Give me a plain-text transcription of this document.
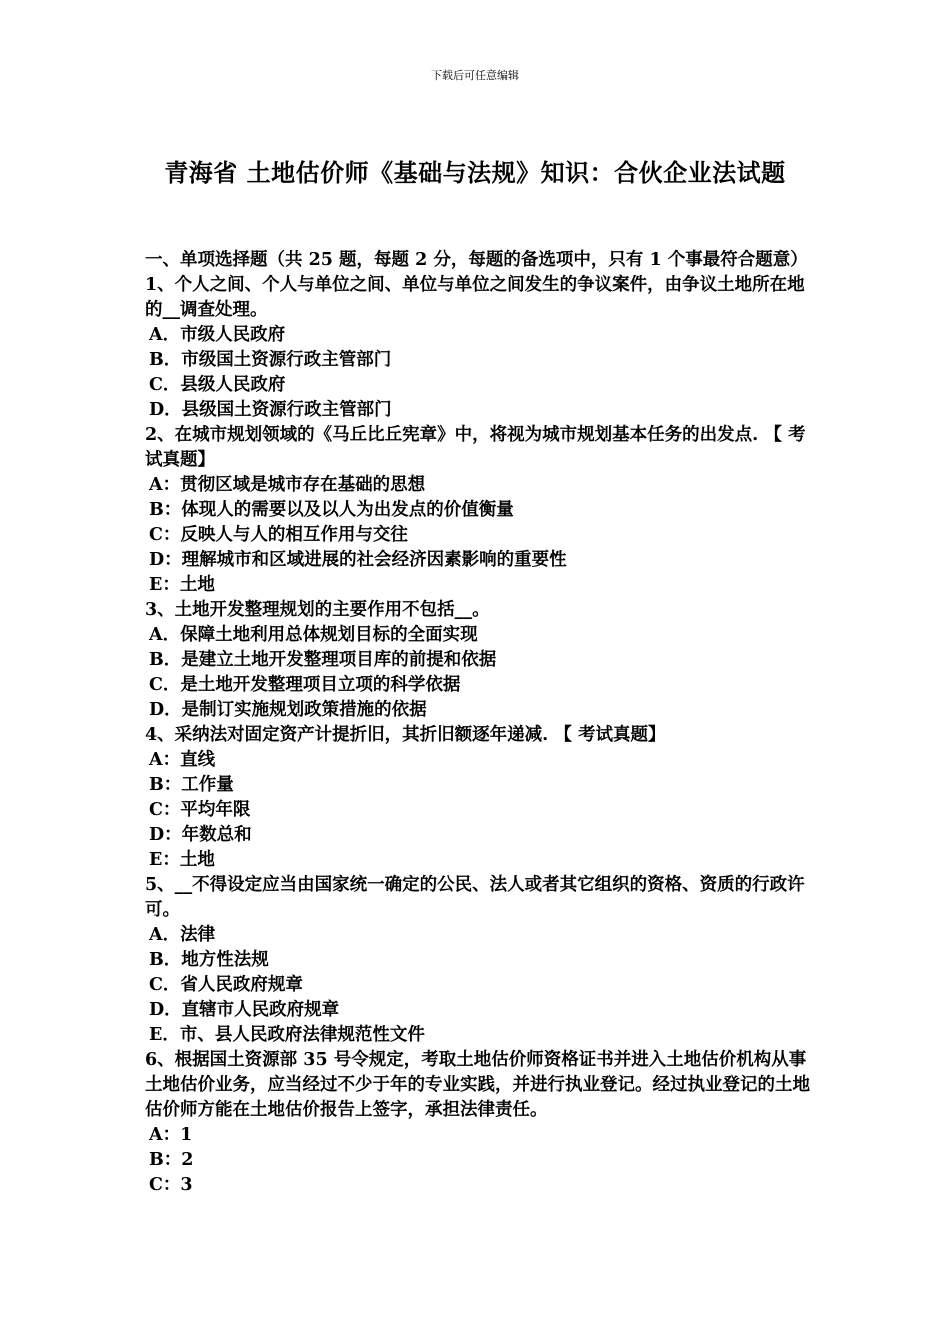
下载后可任意编辑
青海省 土地估价师《基础与法规》知识：合伙企业法试题

一、单项选择题（共 25 题，每题 2 分，每题的备选项中，只有 1 个事最符合题意）

1、个人之间、个人与单位之间、单位与单位之间发生的争议案件，由争议土地所在地的__调查处理。

A．市级人民政府

B．市级国土资源行政主管部门

C．县级人民政府

D．县级国土资源行政主管部门

2、在城市规划领域的《马丘比丘宪章》中，将视为城市规划基本任务的出发点. 【 考试真题】

A：贯彻区域是城市存在基础的思想

B：体现人的需要以及以人为出发点的价值衡量

C：反映人与人的相互作用与交往

D：理解城市和区域进展的社会经济因素影响的重要性

E：土地

3、土地开发整理规划的主要作用不包括__。

A．保障土地利用总体规划目标的全面实现

B．是建立土地开发整理项目库的前提和依据

C．是土地开发整理项目立项的科学依据

D．是制订实施规划政策措施的依据

4、采纳法对固定资产计提折旧，其折旧额逐年递减. 【 考试真题】

A：直线

B：工作量

C：平均年限

D：年数总和

E：土地

5、__不得设定应当由国家统一确定的公民、法人或者其它组织的资格、资质的行政许可。

A．法律

B．地方性法规

C．省人民政府规章

D．直辖市人民政府规章

E．市、县人民政府法律规范性文件

6、根据国土资源部 35 号令规定，考取土地估价师资格证书并进入土地估价机构从事土地估价业务，应当经过不少于年的专业实践，并进行执业登记。经过执业登记的土地估价师方能在土地估价报告上签字，承担法律责任。

A：1

B：2

C：3
